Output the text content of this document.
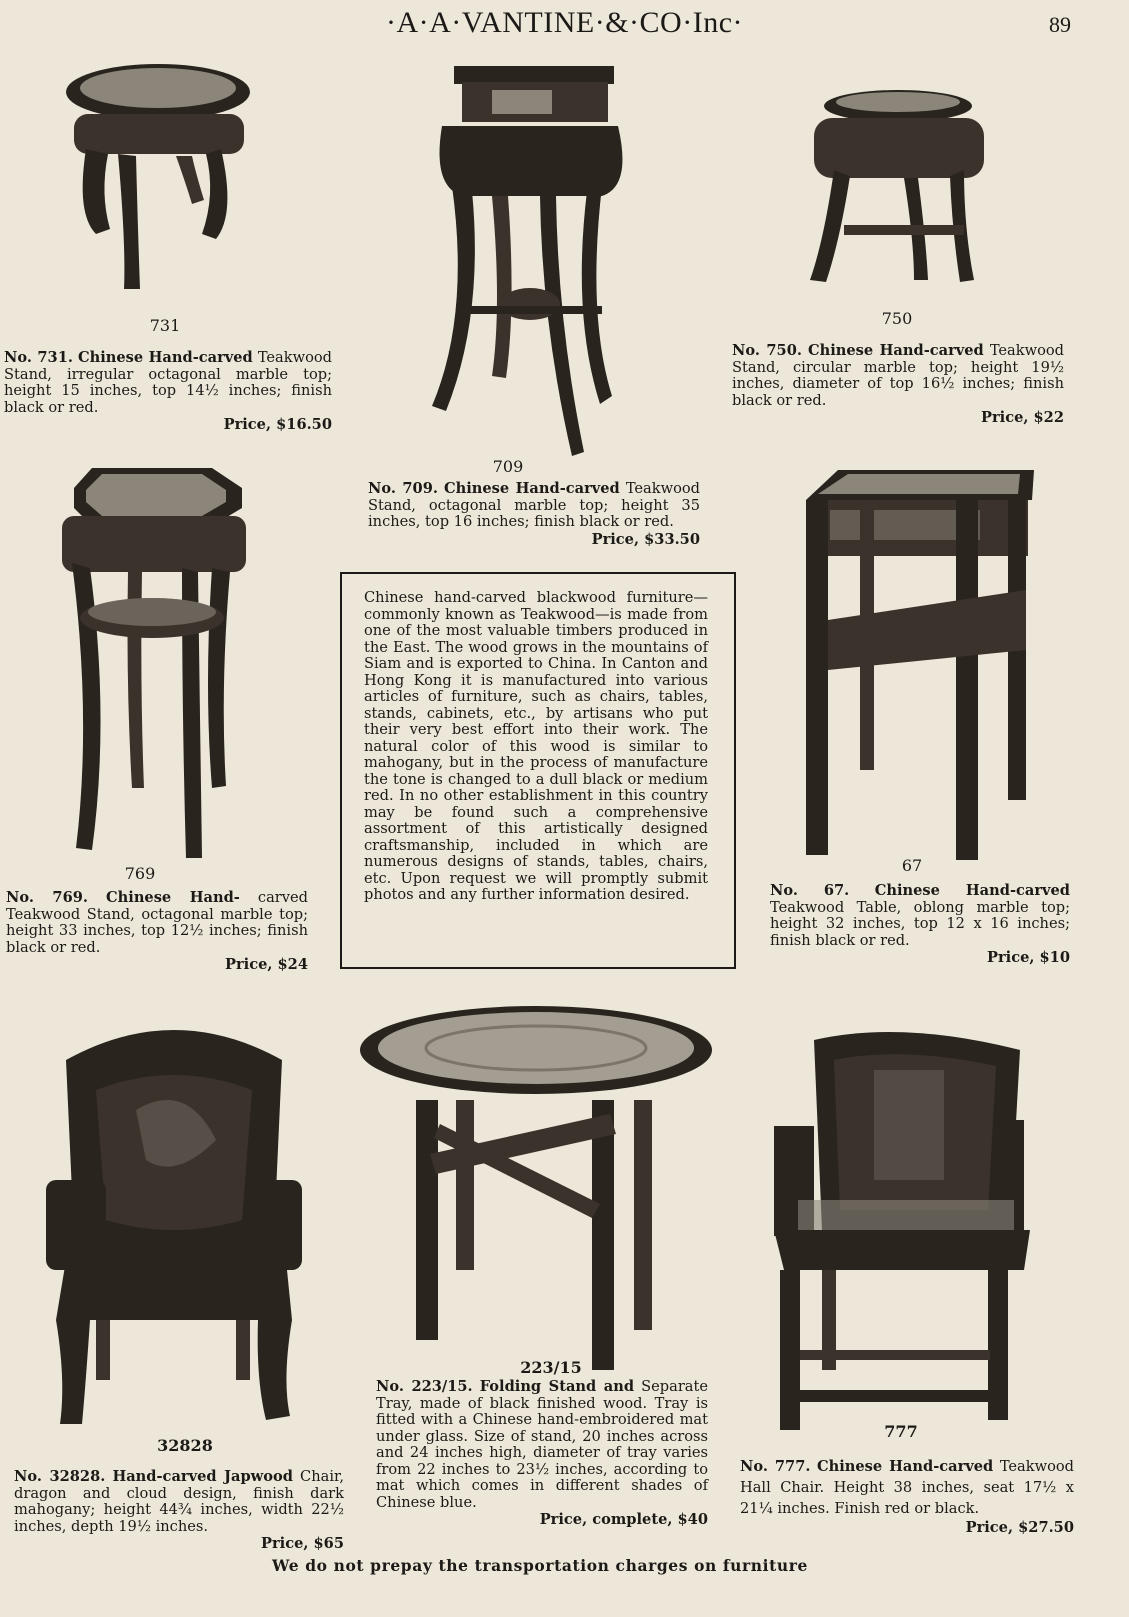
·A·A·VANTINE·&·CO·Inc·	89
731
No. 731. Chinese Hand-carved Teakwood Stand, irregular octagonal marble top; height 15 inches, top 14½ inches; finish black or red.
Price, $16.50
709
No. 709. Chinese Hand-carved Teakwood Stand, octagonal marble top; height 35 inches, top 16 inches; finish black or red.
Price, $33.50
750
No. 750. Chinese Hand-carved Teakwood Stand, circular marble top; height 19½ inches, diameter of top 16½ inches; finish black or red.
Price, $22
769
No. 769. Chinese Hand- carved Teakwood Stand, octagonal marble top; height 33 inches, top 12½ inches; finish black or red.
Price, $24
67
No. 67. Chinese Hand-carved Teakwood Table, oblong marble top; height 32 inches, top 12 x 16 inches; finish black or red.
Price, $10

Chinese hand-carved blackwood furniture—commonly known as Teakwood—is made from one of the most valuable timbers produced in the East. The wood grows in the mountains of Siam and is exported to China. In Canton and Hong Kong it is manufactured into various articles of furniture, such as chairs, tables, stands, cabinets, etc., by artisans who put their very best effort into their work. The natural color of this wood is similar to mahogany, but in the process of manufacture the tone is changed to a dull black or medium red. In no other establishment in this country may be found such a comprehensive assortment of this artistically designed craftsmanship, included in which are numerous designs of stands, tables, chairs, etc. Upon request we will promptly submit photos and any further information desired.

32828
No. 32828. Hand-carved Japwood Chair, dragon and cloud design, finish dark mahogany; height 44¾ inches, width 22½ inches, depth 19½ inches.
Price, $65
223/15
No. 223/15. Folding Stand and Separate Tray, made of black finished wood. Tray is fitted with a Chinese hand-embroidered mat under glass. Size of stand, 20 inches across and 24 inches high, diameter of tray varies from 22 inches to 23½ inches, according to mat which comes in different shades of Chinese blue.
Price, complete, $40
777
No. 777. Chinese Hand-carved Teakwood Hall Chair. Height 38 inches, seat 17½ x 21¼ inches. Finish red or black.
Price, $27.50
We do not prepay the transportation charges on furniture
